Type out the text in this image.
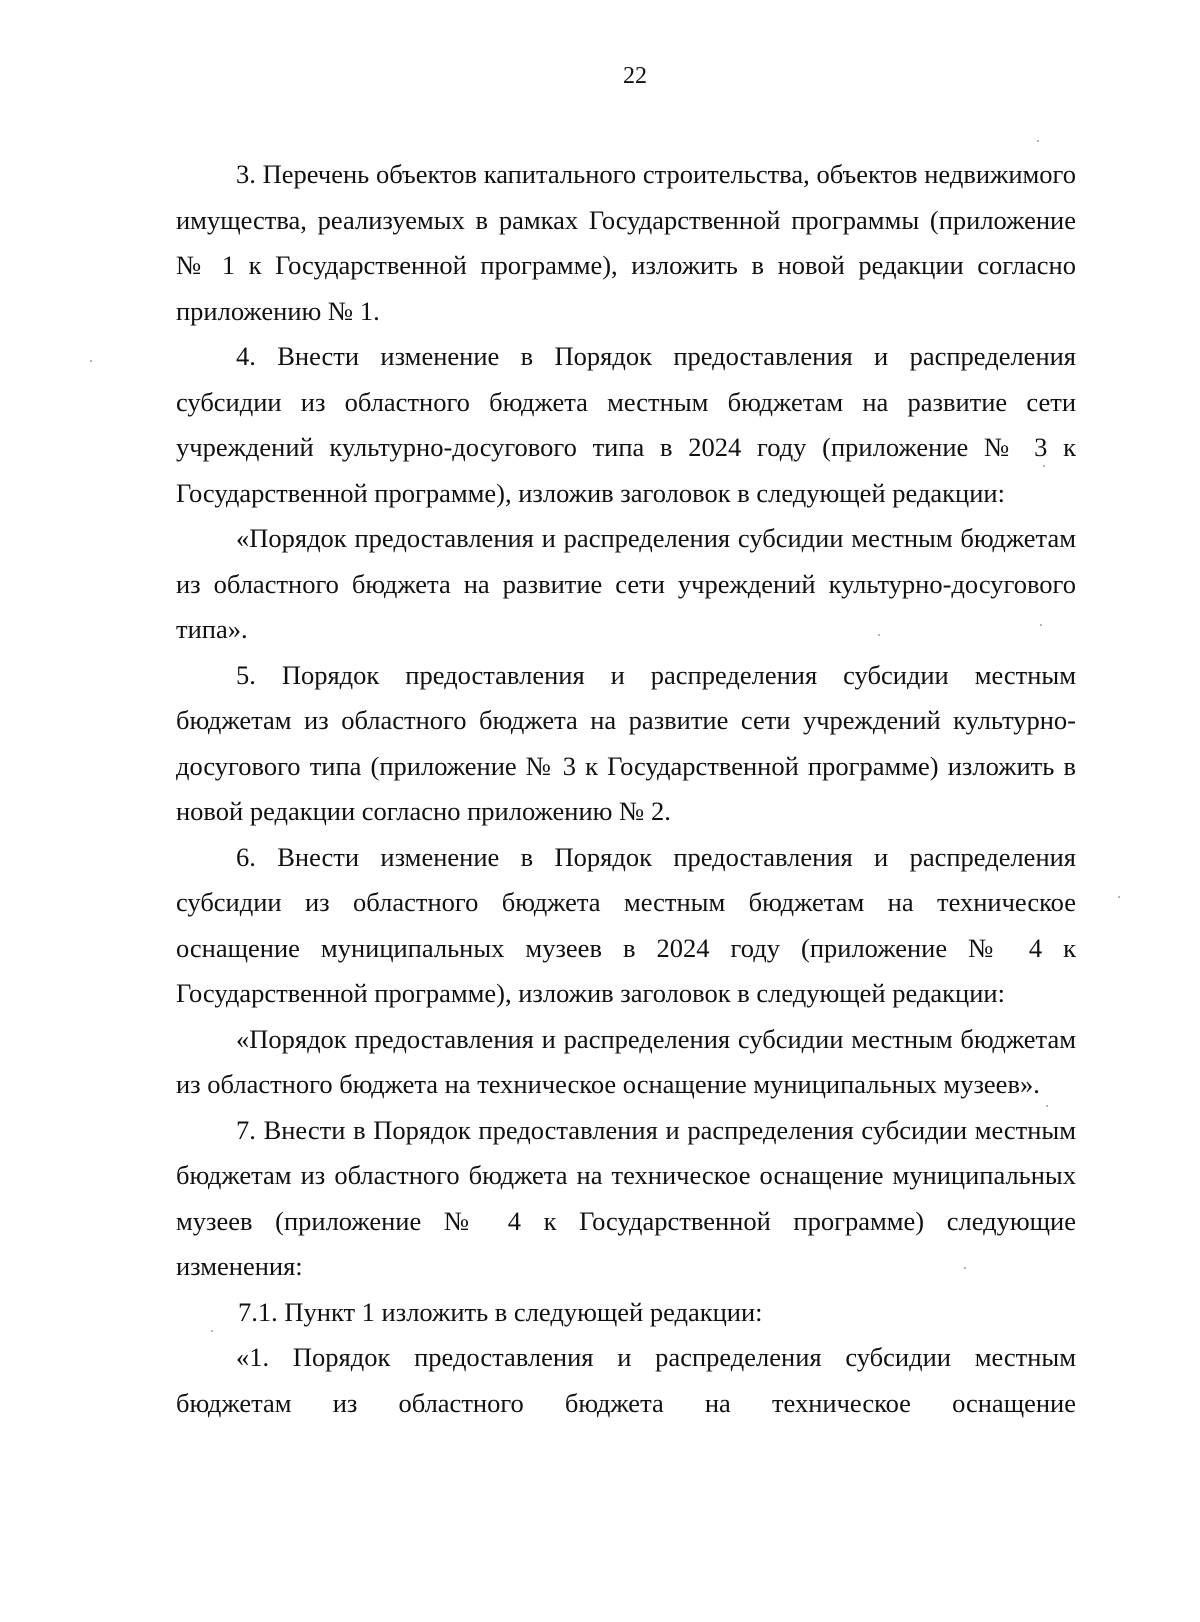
22

3. Перечень объектов капитального строительства, объектов недвижимого имущества, реализуемых в рамках Государственной программы (приложение № 1 к Государственной программе), изложить в новой редакции согласно приложению № 1.

4. Внести изменение в Порядок предоставления и распределения субсидии из областного бюджета местным бюджетам на развитие сети учреждений культурно-досугового типа в 2024 году (приложение № 3 к Государственной программе), изложив заголовок в следующей редакции:

«Порядок предоставления и распределения субсидии местным бюджетам из областного бюджета на развитие сети учреждений культурно-досугового типа».

5. Порядок предоставления и распределения субсидии местным бюджетам из областного бюджета на развитие сети учреждений культурно-досугового типа (приложение № 3 к Государственной программе) изложить в новой редакции согласно приложению № 2.

6. Внести изменение в Порядок предоставления и распределения субсидии из областного бюджета местным бюджетам на техническое оснащение муниципальных музеев в 2024 году (приложение № 4 к Государственной программе), изложив заголовок в следующей редакции:

«Порядок предоставления и распределения субсидии местным бюджетам из областного бюджета на техническое оснащение муниципальных музеев».

7. Внести в Порядок предоставления и распределения субсидии местным бюджетам из областного бюджета на техническое оснащение муниципальных музеев (приложение № 4 к Государственной программе) следующие изменения:

7.1. Пункт 1 изложить в следующей редакции:

«1. Порядок предоставления и распределения субсидии местным бюджетам из областного бюджета на техническое оснащение
